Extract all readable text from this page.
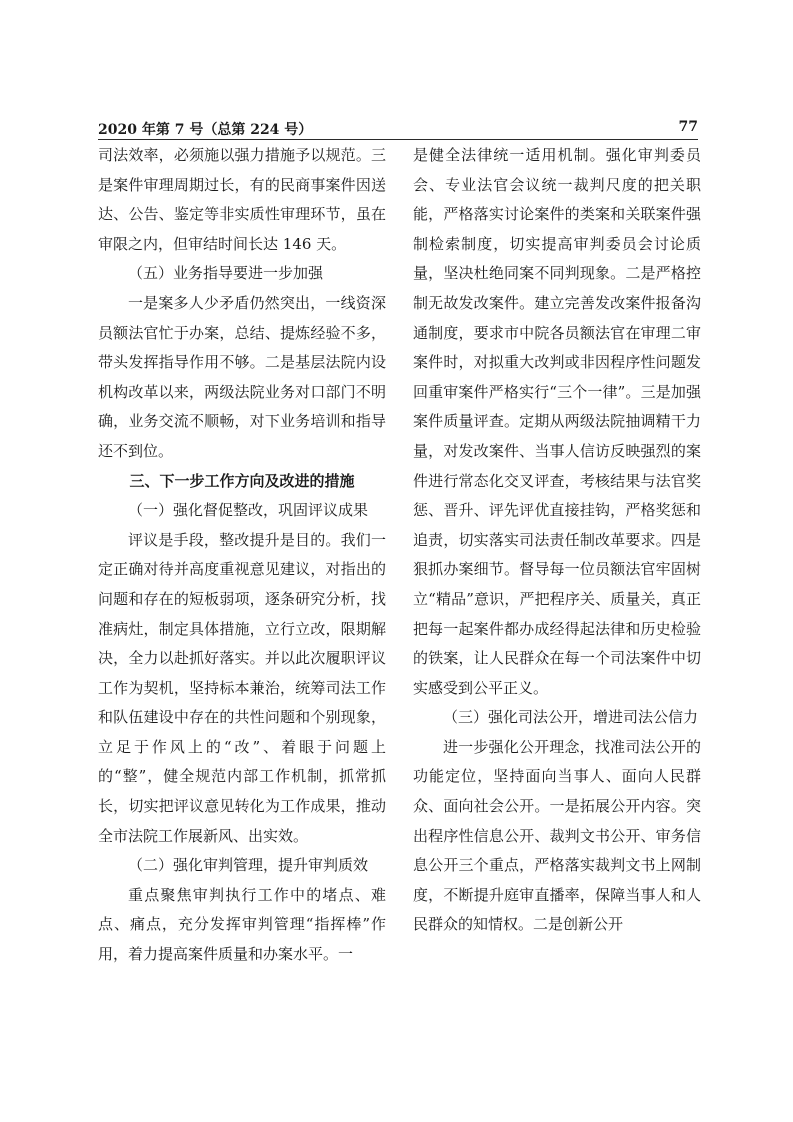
2020 年第 7 号（总第 224 号）	77

司法效率，必须施以强力措施予以规范。三是案件审理周期过长，有的民商事案件因送达、公告、鉴定等非实质性审理环节，虽在审限之内，但审结时间长达 146 天。

（五）业务指导要进一步加强

一是案多人少矛盾仍然突出，一线资深员额法官忙于办案，总结、提炼经验不多，带头发挥指导作用不够。二是基层法院内设机构改革以来，两级法院业务对口部门不明确，业务交流不顺畅，对下业务培训和指导还不到位。

三、下一步工作方向及改进的措施

（一）强化督促整改，巩固评议成果

评议是手段，整改提升是目的。我们一定正确对待并高度重视意见建议，对指出的问题和存在的短板弱项，逐条研究分析，找准病灶，制定具体措施，立行立改，限期解决，全力以赴抓好落实。并以此次履职评议工作为契机，坚持标本兼治，统筹司法工作和队伍建设中存在的共性问题和个别现象，立足于作风上的“改”、着眼于问题上的“整”，健全规范内部工作机制，抓常抓长，切实把评议意见转化为工作成果，推动全市法院工作展新风、出实效。

（二）强化审判管理，提升审判质效

重点聚焦审判执行工作中的堵点、难点、痛点，充分发挥审判管理“指挥棒”作用，着力提高案件质量和办案水平。一

是健全法律统一适用机制。强化审判委员会、专业法官会议统一裁判尺度的把关职能，严格落实讨论案件的类案和关联案件强制检索制度，切实提高审判委员会讨论质量，坚决杜绝同案不同判现象。二是严格控制无故发改案件。建立完善发改案件报备沟通制度，要求市中院各员额法官在审理二审案件时，对拟重大改判或非因程序性问题发回重审案件严格实行“三个一律”。三是加强案件质量评查。定期从两级法院抽调精干力量，对发改案件、当事人信访反映强烈的案件进行常态化交叉评查，考核结果与法官奖惩、晋升、评先评优直接挂钩，严格奖惩和追责，切实落实司法责任制改革要求。四是狠抓办案细节。督导每一位员额法官牢固树立“精品”意识，严把程序关、质量关，真正把每一起案件都办成经得起法律和历史检验的铁案，让人民群众在每一个司法案件中切实感受到公平正义。

（三）强化司法公开，增进司法公信力

进一步强化公开理念，找准司法公开的功能定位，坚持面向当事人、面向人民群众、面向社会公开。一是拓展公开内容。突出程序性信息公开、裁判文书公开、审务信息公开三个重点，严格落实裁判文书上网制度，不断提升庭审直播率，保障当事人和人民群众的知情权。二是创新公开
